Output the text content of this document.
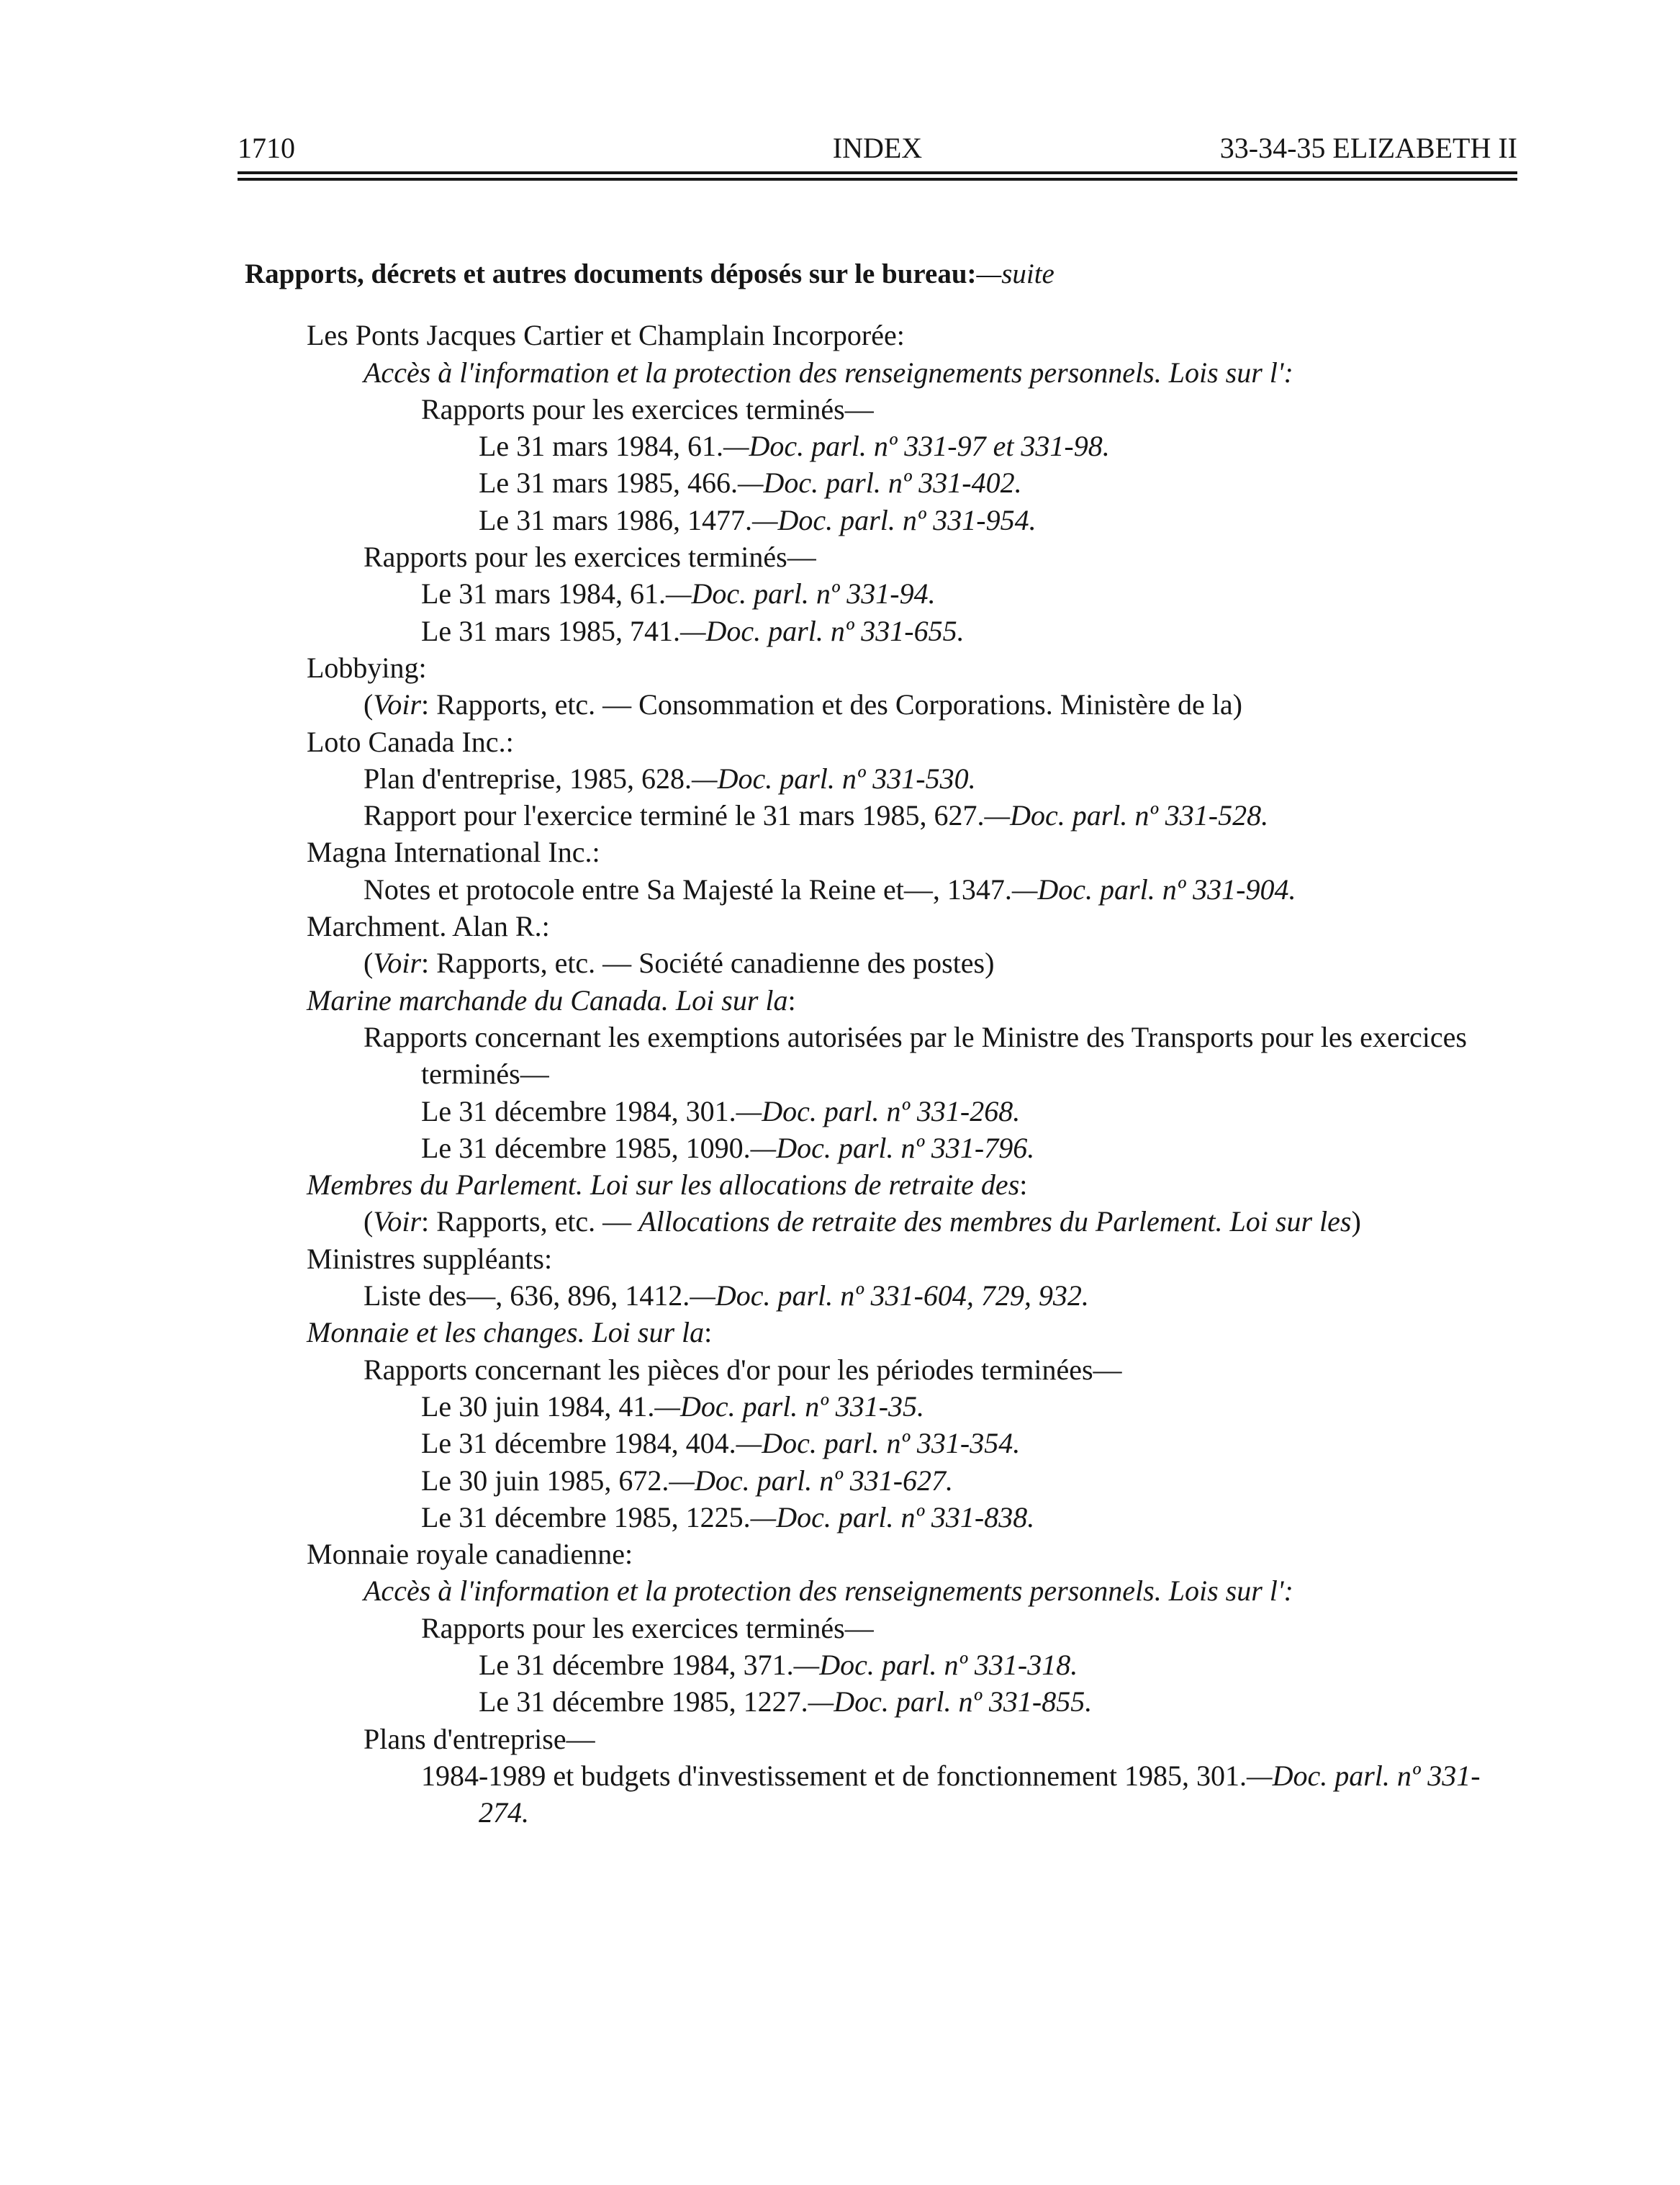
1710	INDEX	33-34-35 ELIZABETH II
Rapports, décrets et autres documents déposés sur le bureau:—suite
Les Ponts Jacques Cartier et Champlain Incorporée:
Accès à l'information et la protection des renseignements personnels. Lois sur l':
Rapports pour les exercices terminés—
Le 31 mars 1984, 61.—Doc. parl. nº 331-97 et 331-98.
Le 31 mars 1985, 466.—Doc. parl. nº 331-402.
Le 31 mars 1986, 1477.—Doc. parl. nº 331-954.
Rapports pour les exercices terminés—
Le 31 mars 1984, 61.—Doc. parl. nº 331-94.
Le 31 mars 1985, 741.—Doc. parl. nº 331-655.
Lobbying:
(Voir: Rapports, etc. — Consommation et des Corporations. Ministère de la)
Loto Canada Inc.:
Plan d'entreprise, 1985, 628.—Doc. parl. nº 331-530.
Rapport pour l'exercice terminé le 31 mars 1985, 627.—Doc. parl. nº 331-528.
Magna International Inc.:
Notes et protocole entre Sa Majesté la Reine et—, 1347.—Doc. parl. nº 331-904.
Marchment. Alan R.:
(Voir: Rapports, etc. — Société canadienne des postes)
Marine marchande du Canada. Loi sur la:
Rapports concernant les exemptions autorisées par le Ministre des Transports pour les exercices terminés—
Le 31 décembre 1984, 301.—Doc. parl. nº 331-268.
Le 31 décembre 1985, 1090.—Doc. parl. nº 331-796.
Membres du Parlement. Loi sur les allocations de retraite des:
(Voir: Rapports, etc. — Allocations de retraite des membres du Parlement. Loi sur les)
Ministres suppléants:
Liste des—, 636, 896, 1412.—Doc. parl. nº 331-604, 729, 932.
Monnaie et les changes. Loi sur la:
Rapports concernant les pièces d'or pour les périodes terminées—
Le 30 juin 1984, 41.—Doc. parl. nº 331-35.
Le 31 décembre 1984, 404.—Doc. parl. nº 331-354.
Le 30 juin 1985, 672.—Doc. parl. nº 331-627.
Le 31 décembre 1985, 1225.—Doc. parl. nº 331-838.
Monnaie royale canadienne:
Accès à l'information et la protection des renseignements personnels. Lois sur l':
Rapports pour les exercices terminés—
Le 31 décembre 1984, 371.—Doc. parl. nº 331-318.
Le 31 décembre 1985, 1227.—Doc. parl. nº 331-855.
Plans d'entreprise—
1984-1989 et budgets d'investissement et de fonctionnement 1985, 301.—Doc. parl. nº 331-274.
